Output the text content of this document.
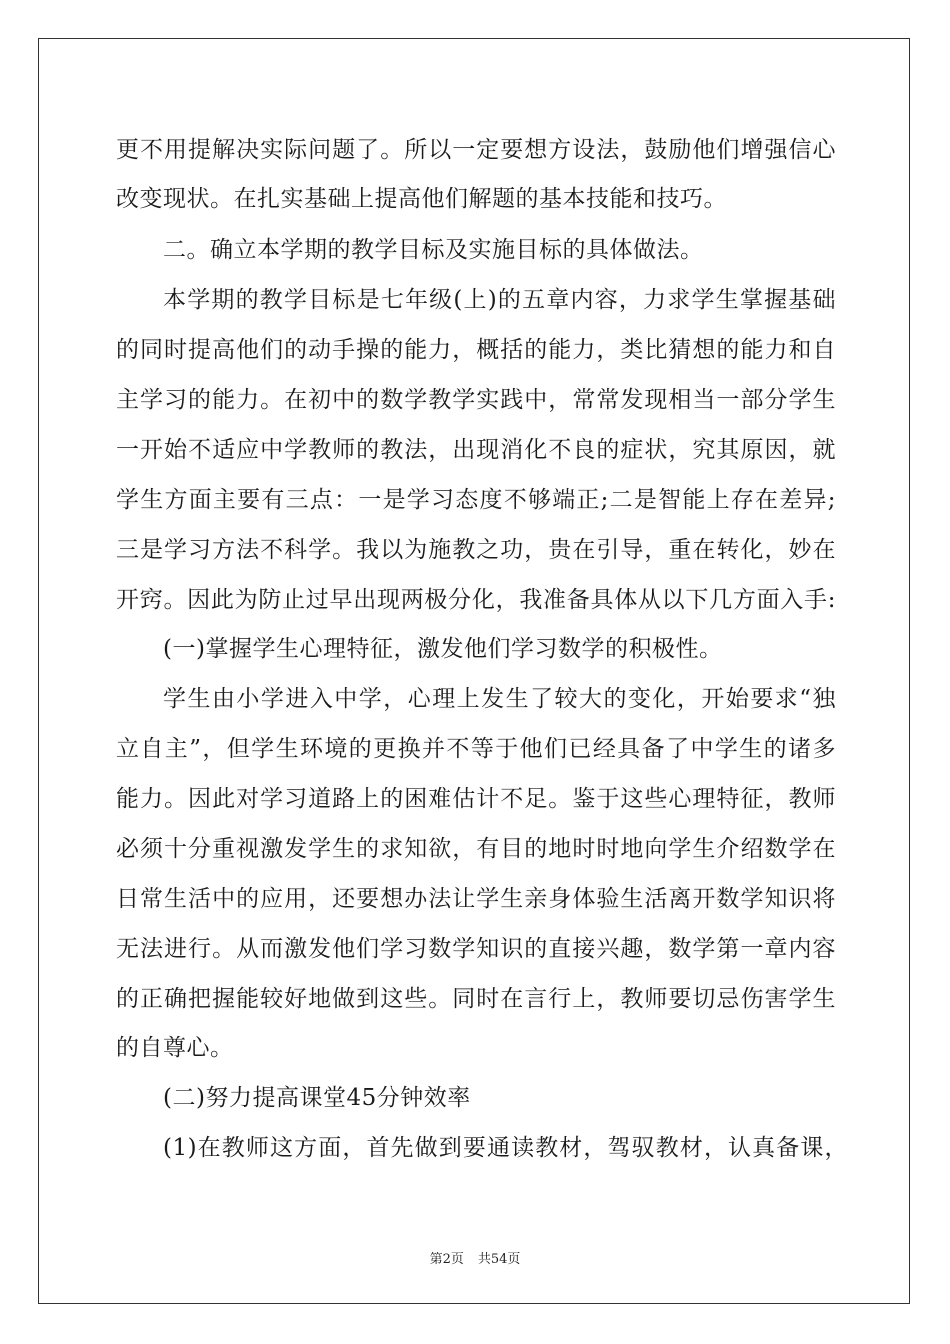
更不用提解决实际问题了。所以一定要想方设法，鼓励他们增强信心
改变现状。在扎实基础上提高他们解题的基本技能和技巧。
二。确立本学期的教学目标及实施目标的具体做法。
本学期的教学目标是七年级(上)的五章内容，力求学生掌握基础
的同时提高他们的动手操的能力，概括的能力，类比猜想的能力和自
主学习的能力。在初中的数学教学实践中，常常发现相当一部分学生
一开始不适应中学教师的教法，出现消化不良的症状，究其原因，就
学生方面主要有三点：一是学习态度不够端正;二是智能上存在差异;
三是学习方法不科学。我以为施教之功，贵在引导，重在转化，妙在
开窍。因此为防止过早出现两极分化，我准备具体从以下几方面入手:
(一)掌握学生心理特征，激发他们学习数学的积极性。
学生由小学进入中学，心理上发生了较大的变化，开始要求“独
立自主”，但学生环境的更换并不等于他们已经具备了中学生的诸多
能力。因此对学习道路上的困难估计不足。鉴于这些心理特征，教师
必须十分重视激发学生的求知欲，有目的地时时地向学生介绍数学在
日常生活中的应用，还要想办法让学生亲身体验生活离开数学知识将
无法进行。从而激发他们学习数学知识的直接兴趣，数学第一章内容
的正确把握能较好地做到这些。同时在言行上，教师要切忌伤害学生
的自尊心。
(二)努力提高课堂45分钟效率
(1)在教师这方面，首先做到要通读教材，驾驭教材，认真备课，
第2页 共54页
